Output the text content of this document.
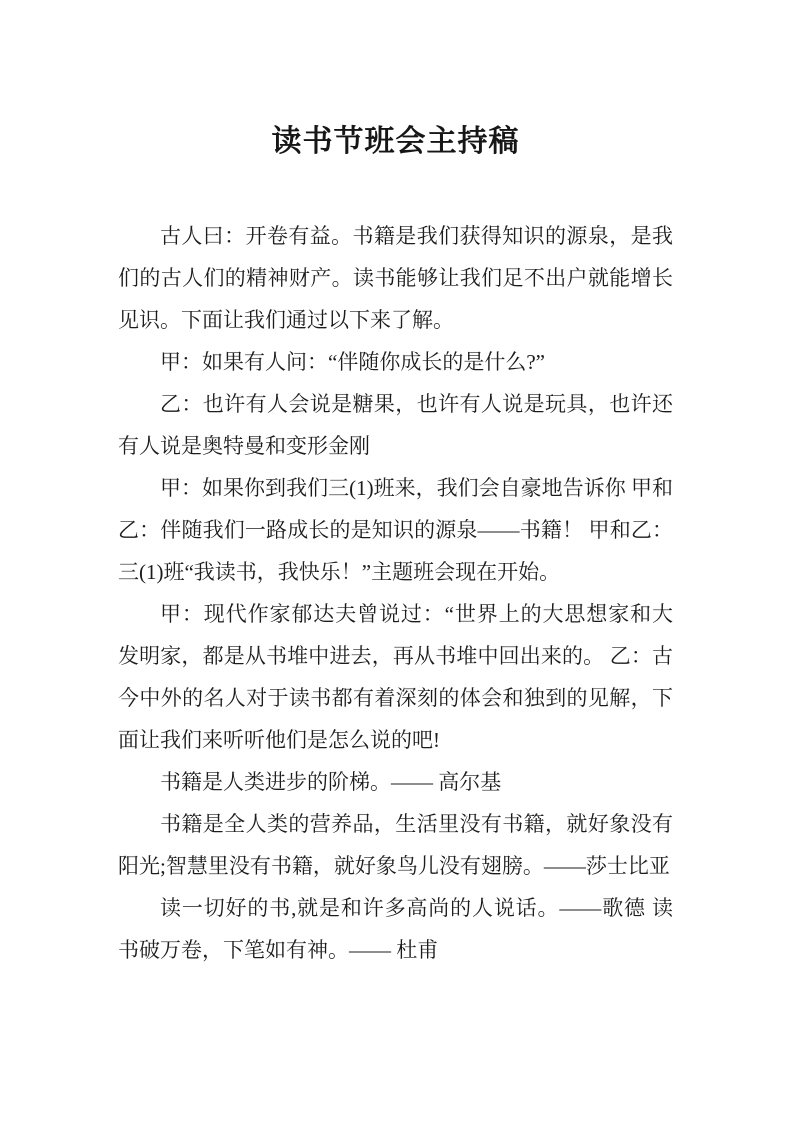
读书节班会主持稿

古人曰：开卷有益。书籍是我们获得知识的源泉，是我们的古人们的精神财产。读书能够让我们足不出户就能增长见识。下面让我们通过以下来了解。

甲：如果有人问：“伴随你成长的是什么?”

乙：也许有人会说是糖果，也许有人说是玩具，也许还有人说是奥特曼和变形金刚

甲：如果你到我们三(1)班来，我们会自豪地告诉你 甲和乙：伴随我们一路成长的是知识的源泉——书籍！ 甲和乙：三(1)班“我读书，我快乐！”主题班会现在开始。

甲：现代作家郁达夫曾说过：“世界上的大思想家和大发明家，都是从书堆中进去，再从书堆中回出来的。 乙：古今中外的名人对于读书都有着深刻的体会和独到的见解，下面让我们来听听他们是怎么说的吧!

书籍是人类进步的阶梯。—— 高尔基

书籍是全人类的营养品，生活里没有书籍，就好象没有阳光;智慧里没有书籍，就好象鸟儿没有翅膀。——莎士比亚

读一切好的书,就是和许多高尚的人说话。——歌德 读书破万卷，下笔如有神。—— 杜甫
